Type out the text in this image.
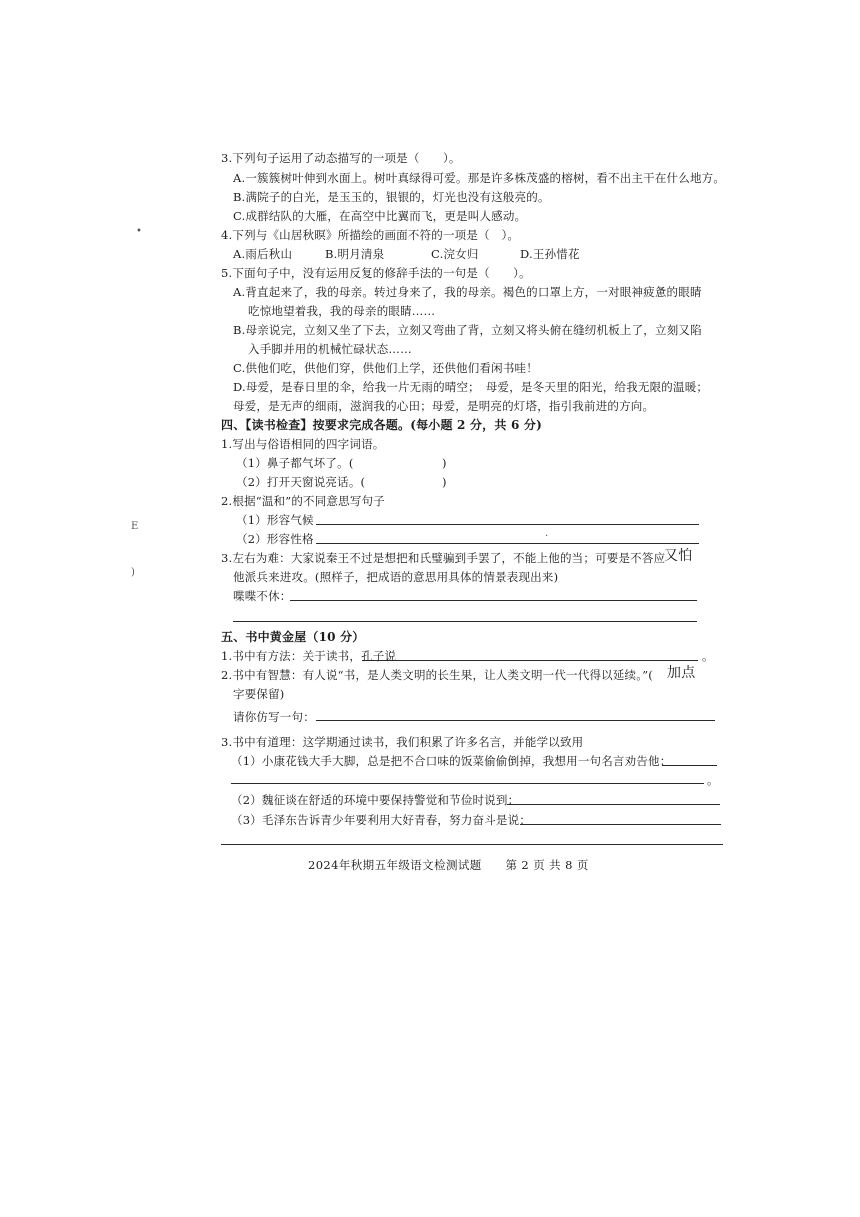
•
E
)
3.下列句子运用了动态描写的一项是（　　）。
A.一簇簇树叶伸到水面上。树叶真绿得可爱。那是许多株茂盛的榕树，看不出主干在什么地方。
B.满院子的白光，是玉玉的，银银的，灯光也没有这般亮的。
C.成群结队的大雁，在高空中比翼而飞，更是叫人感动。
4.下列与《山居秋暝》所描绘的画面不符的一项是（　）。
A.雨后秋山	B.明月清泉	C.浣女归	D.王孙惜花
5.下面句子中，没有运用反复的修辞手法的一句是（　　）。
A.背直起来了，我的母亲。转过身来了，我的母亲。褐色的口罩上方，一对眼神疲惫的眼睛
吃惊地望着我，我的母亲的眼睛……
B.母亲说完，立刻又坐了下去，立刻又弯曲了背，立刻又将头俯在缝纫机板上了，立刻又陷
入手脚并用的机械忙碌状态……
C.供他们吃，供他们穿，供他们上学，还供他们看闲书哇！
D.母爱，是春日里的伞，给我一片无雨的晴空；　母爱，是冬天里的阳光，给我无限的温暖；
母爱，是无声的细雨，滋润我的心田；母爱，是明亮的灯塔，指引我前进的方向。
四、【读书检查】按要求完成各题。(每小题 2 分，共 6 分)
1.写出与俗语相同的四字词语。
（1）鼻子都气坏了。(	)
（2）打开天窗说亮话。(	)
2.根据“温和”的不同意思写句子
（1）形容气候
（2）形容性格	·
3.左右为难：大家说秦王不过是想把和氏璧骗到手罢了，不能上他的当；可要是不答应
又怕
他派兵来进攻。(照样子，把成语的意思用具体的情景表现出来)
喋喋不休：
五、书中黄金屋（10 分）
1.书中有方法：关于读书，孔子说	。
2.书中有智慧：有人说“书，是人类文明的长生果，让人类文明一代一代得以延续。”( 加点
字要保留)
请你仿写一句：
3.书中有道理：这学期通过读书，我们积累了许多名言，并能学以致用
（1）小康花钱大手大脚，总是把不合口味的饭菜偷偷倒掉，我想用一句名言劝告他：
。
（2）魏征谈在舒适的环境中要保持警觉和节俭时说到：
（3）毛泽东告诉青少年要利用大好青春，努力奋斗是说：
2024年秋期五年级语文检测试题　　第 2 页 共 8 页
